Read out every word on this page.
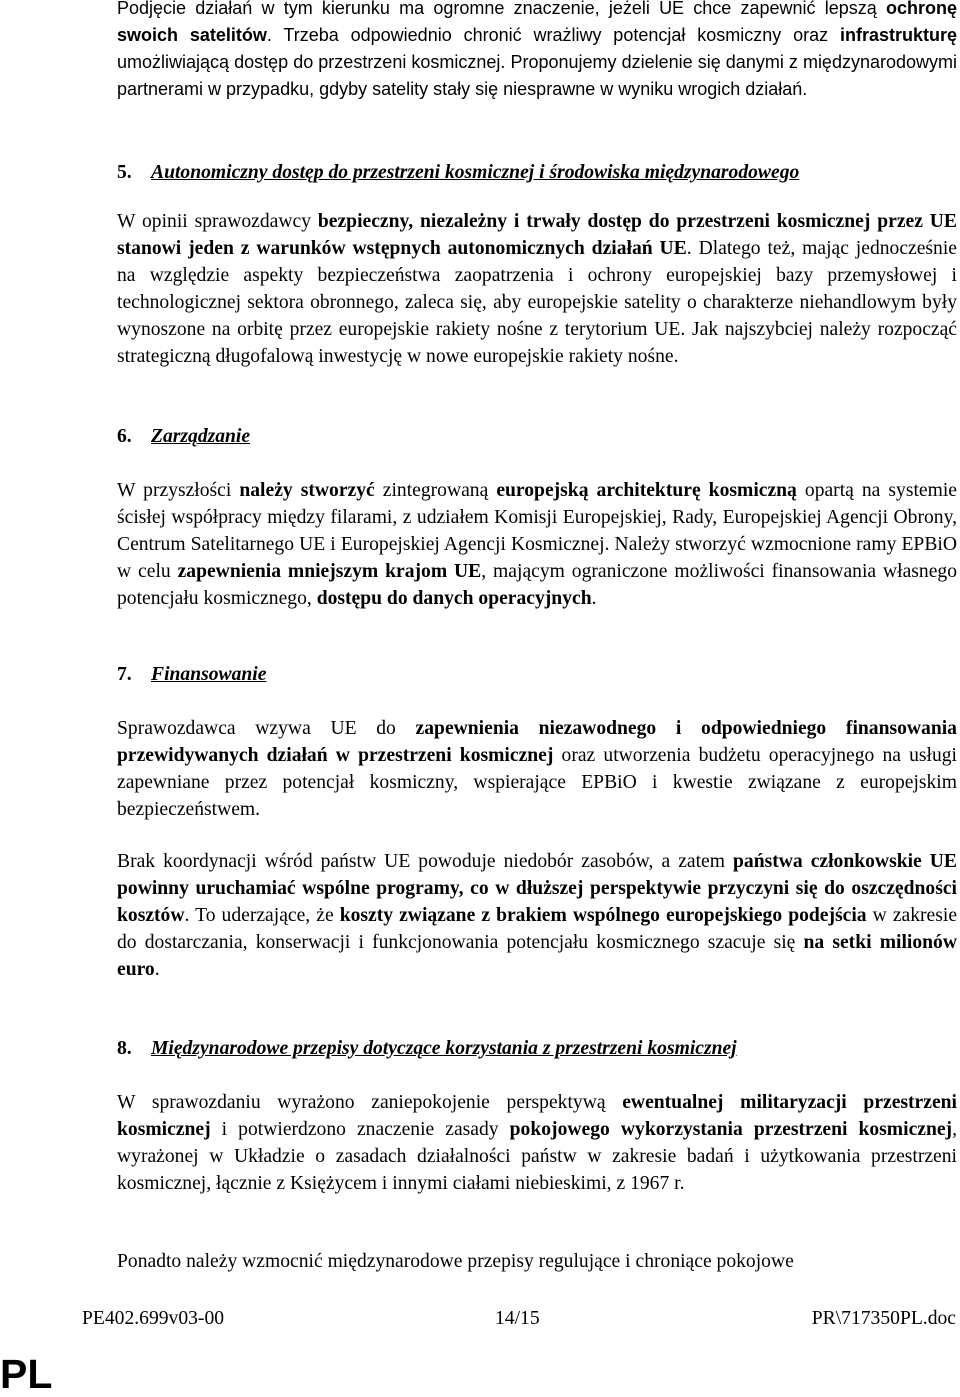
Podjęcie działań w tym kierunku ma ogromne znaczenie, jeżeli UE chce zapewnić lepszą ochronę swoich satelitów. Trzeba odpowiednio chronić wrażliwy potencjał kosmiczny oraz infrastrukturę umożliwiającą dostęp do przestrzeni kosmicznej. Proponujemy dzielenie się danymi z międzynarodowymi partnerami w przypadku, gdyby satelity stały się niesprawne w wyniku wrogich działań.

5. Autonomiczny dostęp do przestrzeni kosmicznej i środowiska międzynarodowego

W opinii sprawozdawcy bezpieczny, niezależny i trwały dostęp do przestrzeni kosmicznej przez UE stanowi jeden z warunków wstępnych autonomicznych działań UE. Dlatego też, mając jednocześnie na względzie aspekty bezpieczeństwa zaopatrzenia i ochrony europejskiej bazy przemysłowej i technologicznej sektora obronnego, zaleca się, aby europejskie satelity o charakterze niehandlowym były wynoszone na orbitę przez europejskie rakiety nośne z terytorium UE. Jak najszybciej należy rozpocząć strategiczną długofalową inwestycję w nowe europejskie rakiety nośne.

6. Zarządzanie

W przyszłości należy stworzyć zintegrowaną europejską architekturę kosmiczną opartą na systemie ścisłej współpracy między filarami, z udziałem Komisji Europejskiej, Rady, Europejskiej Agencji Obrony, Centrum Satelitarnego UE i Europejskiej Agencji Kosmicznej. Należy stworzyć wzmocnione ramy EPBiO w celu zapewnienia mniejszym krajom UE, mającym ograniczone możliwości finansowania własnego potencjału kosmicznego, dostępu do danych operacyjnych.

7. Finansowanie

Sprawozdawca wzywa UE do zapewnienia niezawodnego i odpowiedniego finansowania przewidywanych działań w przestrzeni kosmicznej oraz utworzenia budżetu operacyjnego na usługi zapewniane przez potencjał kosmiczny, wspierające EPBiO i kwestie związane z europejskim bezpieczeństwem.

Brak koordynacji wśród państw UE powoduje niedobór zasobów, a zatem państwa członkowskie UE powinny uruchamiać wspólne programy, co w dłuższej perspektywie przyczyni się do oszczędności kosztów. To uderzające, że koszty związane z brakiem wspólnego europejskiego podejścia w zakresie do dostarczania, konserwacji i funkcjonowania potencjału kosmicznego szacuje się na setki milionów euro.

8. Międzynarodowe przepisy dotyczące korzystania z przestrzeni kosmicznej

W sprawozdaniu wyrażono zaniepokojenie perspektywą ewentualnej militaryzacji przestrzeni kosmicznej i potwierdzono znaczenie zasady pokojowego wykorzystania przestrzeni kosmicznej, wyrażonej w Układzie o zasadach działalności państw w zakresie badań i użytkowania przestrzeni kosmicznej, łącznie z Księżycem i innymi ciałami niebieskimi, z 1967 r.

Ponadto należy wzmocnić międzynarodowe przepisy regulujące i chroniące pokojowe

PE402.699v03-00	14/15	PR\717350PL.doc
PL
